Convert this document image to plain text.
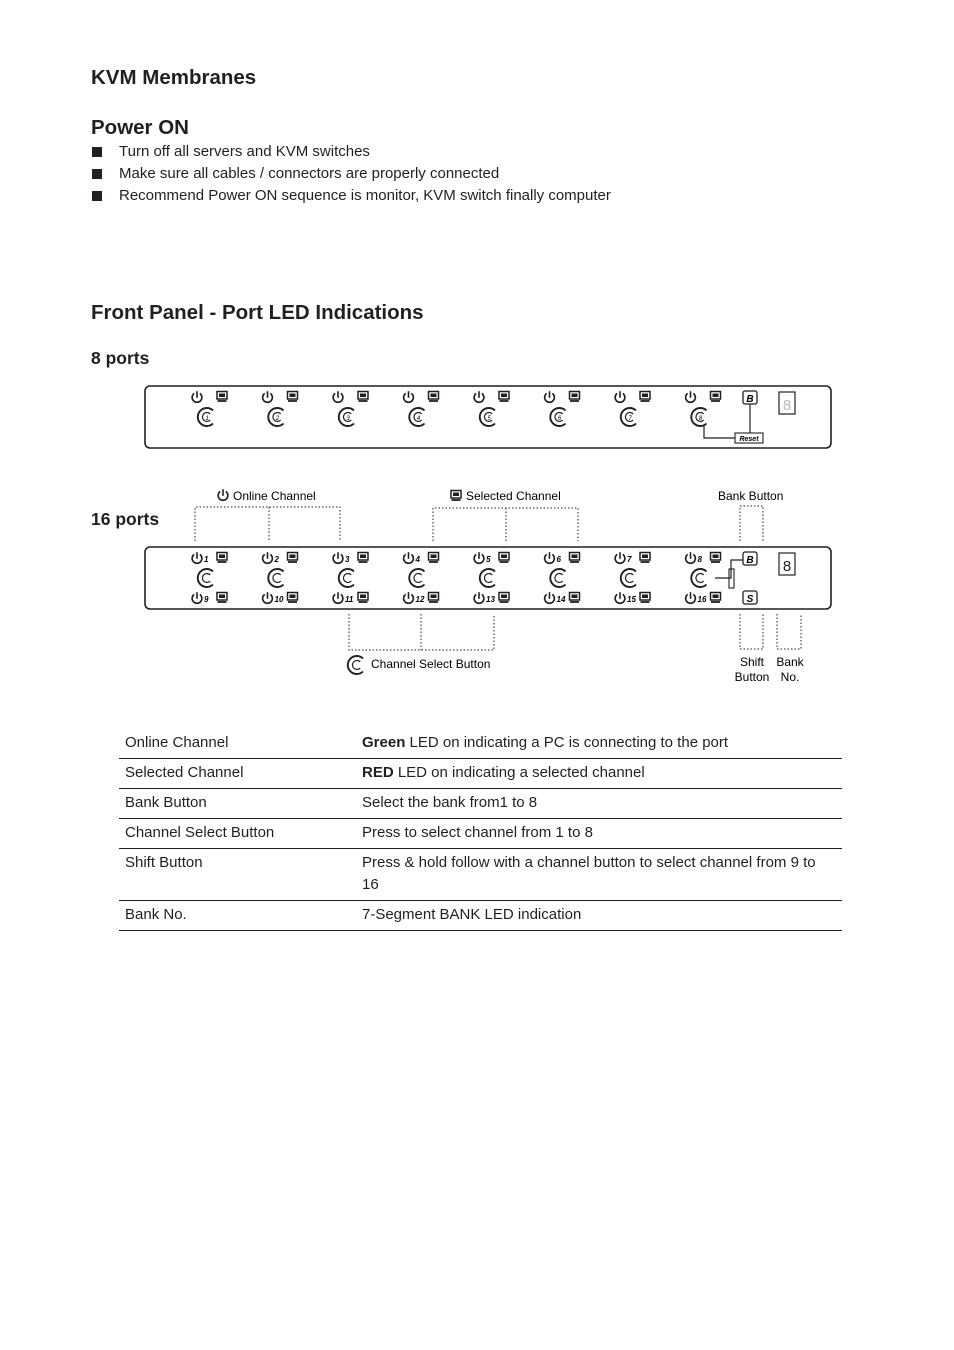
KVM Membranes
Power ON
Turn off all servers and KVM switches
Make sure all cables / connectors are properly connected
Recommend Power ON sequence is monitor, KVM switch finally computer
Front Panel - Port LED Indications
8 ports
16 ports
1	2	3	4	5	6	7	8
B
Reset
8
Online Channel	Selected Channel	Bank Button
1
9
2
10
3
11
4
12
5
13
6
14
7
15
8
16
B
S
8
Channel Select Button	Shift
Button
Bank
No.
Online Channel	Green LED on indicating a PC is connecting to the port
Selected Channel	RED LED on indicating a selected channel
Bank Button	Select the bank from1 to 8
Channel Select Button	Press to select channel from 1 to 8
Shift Button	Press & hold follow with a channel button to select channel from 9 to 16
Bank No.	7-Segment BANK LED indication
